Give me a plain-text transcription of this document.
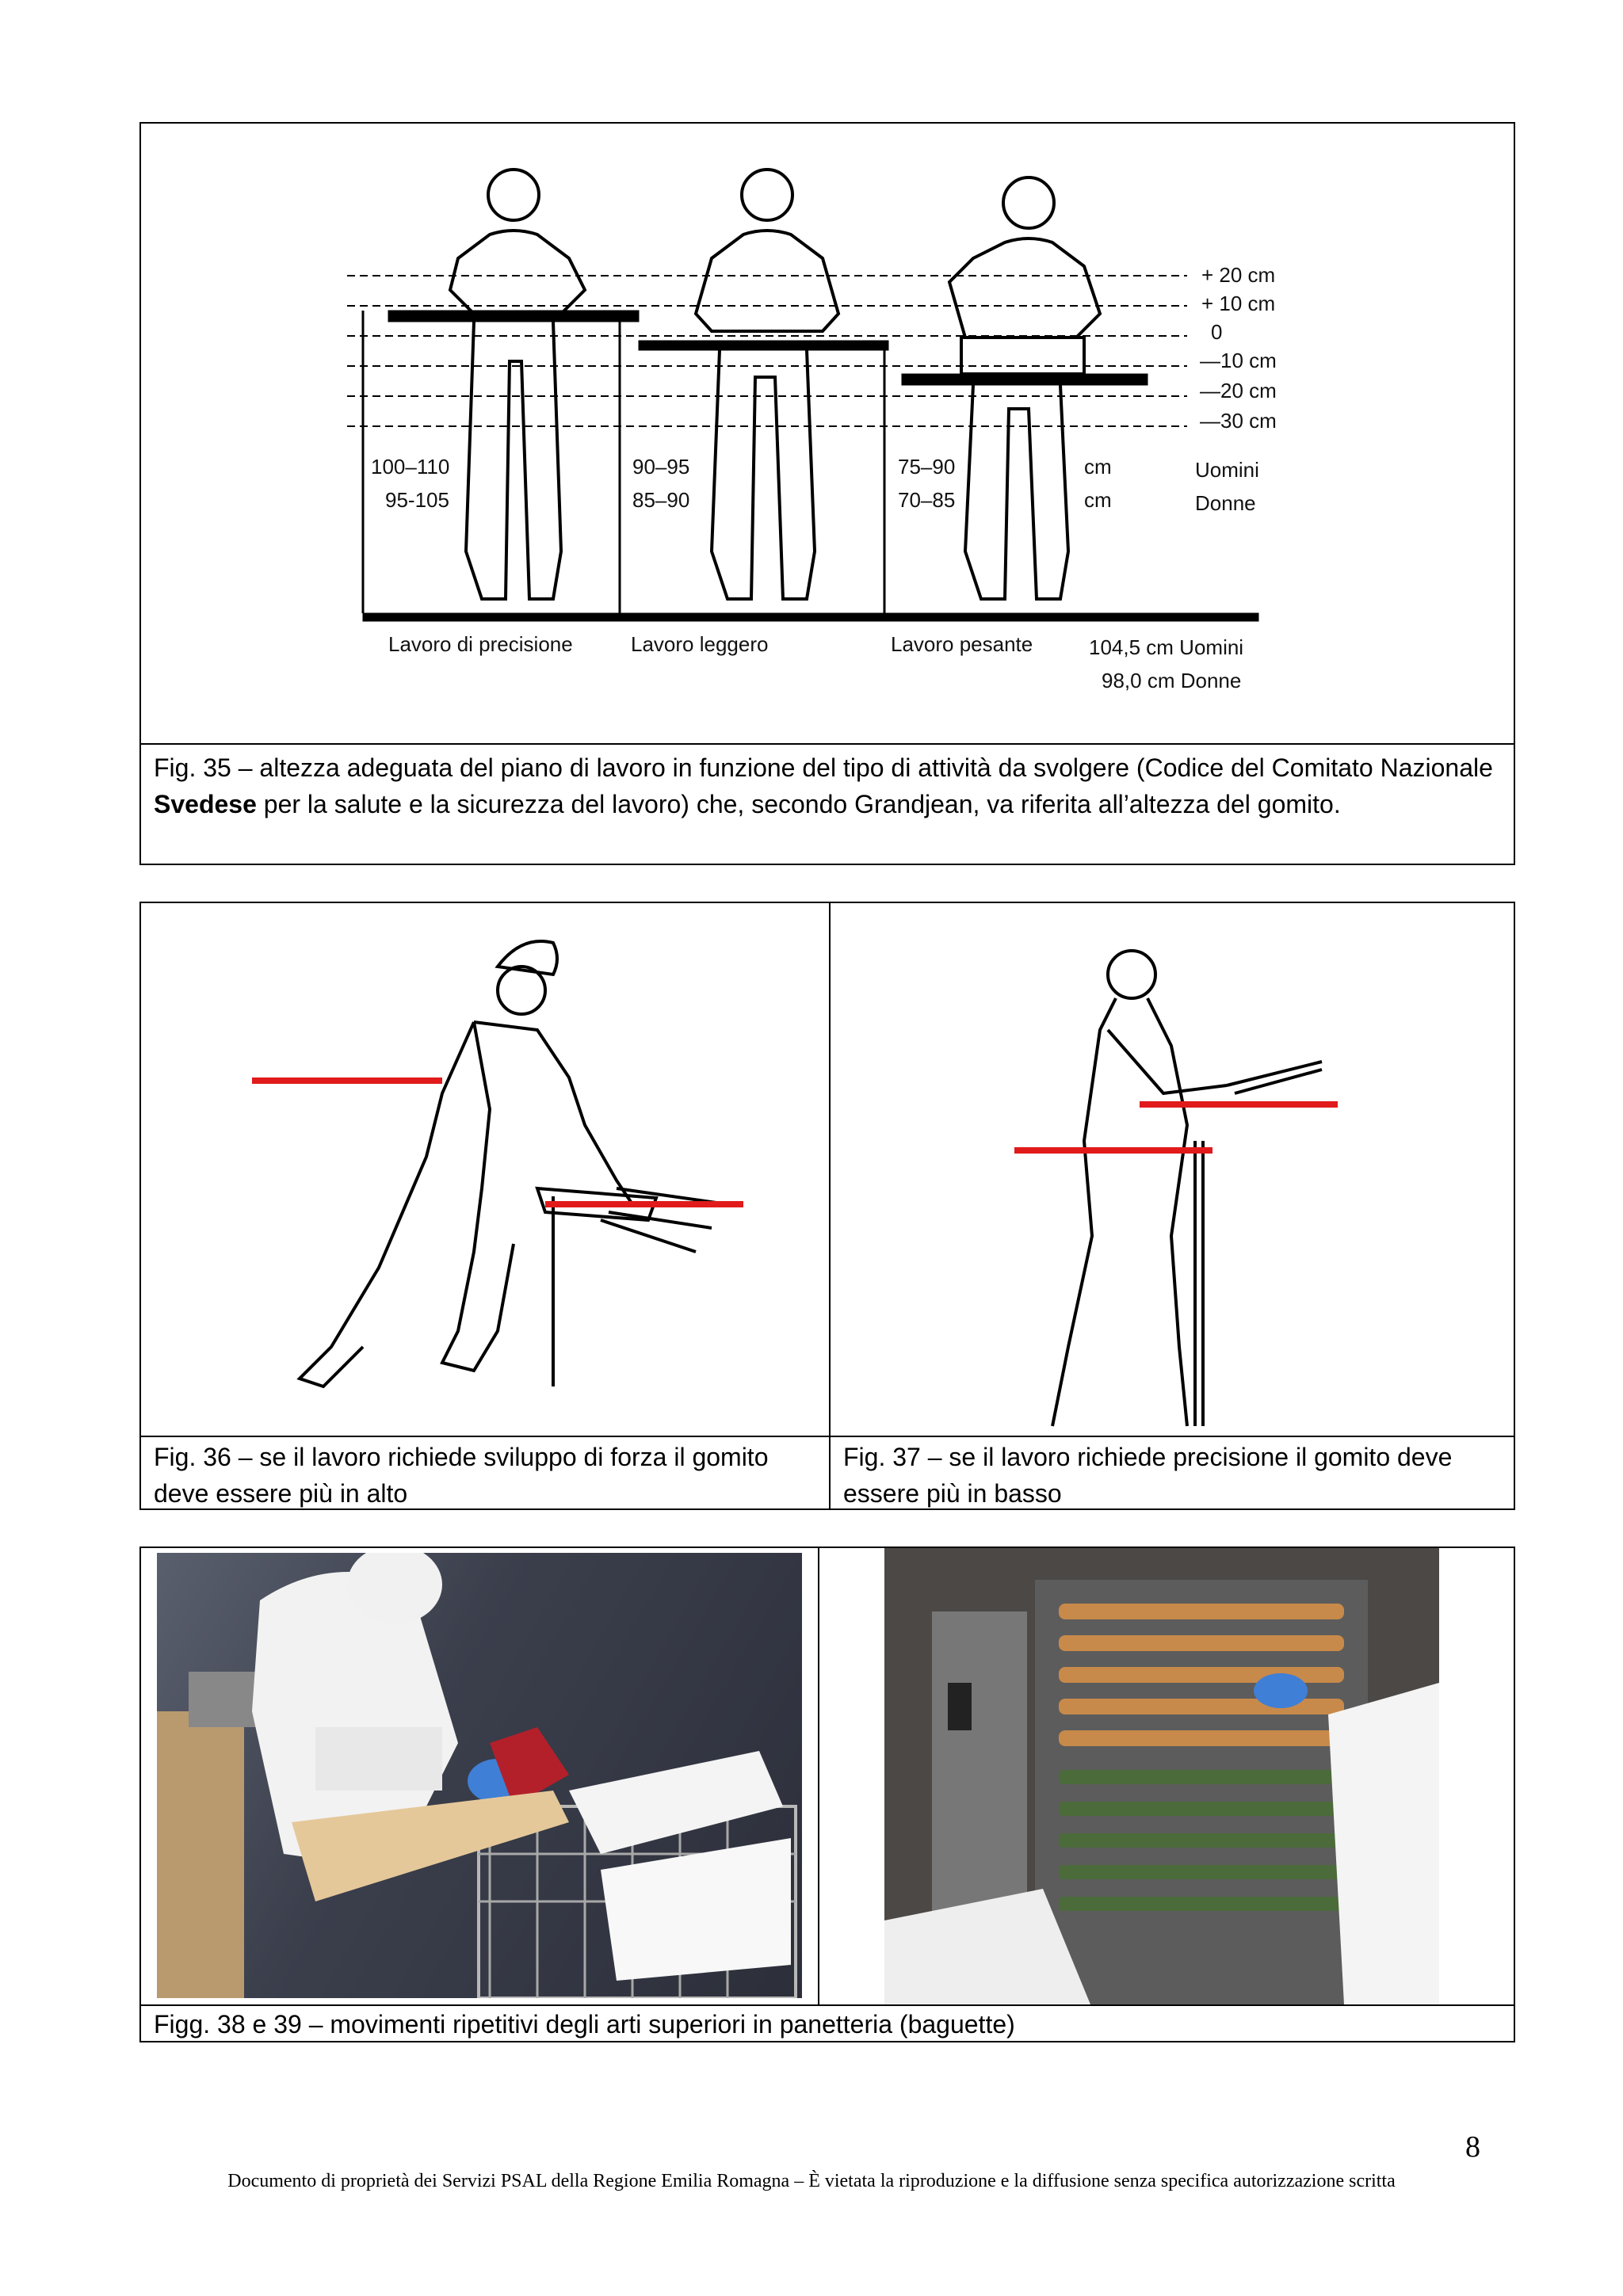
+ 20 cm
+ 10 cm
0
—10 cm
—20 cm
—30 cm
100–110
95-105
90–95
85–90
75–90
70–85
cm
cm
Uomini
Donne
Lavoro di precisione	Lavoro leggero	Lavoro pesante	104,5 cm Uomini
98,0 cm Donne
Fig. 35 – altezza adeguata del piano di lavoro in funzione del tipo di attività da svolgere (Codice del Comitato Nazionale Svedese per la salute e la sicurezza del lavoro) che, secondo Grandjean, va riferita all’altezza del gomito.
Fig. 36 – se il lavoro richiede sviluppo di forza il gomito deve essere più in alto
Fig. 37 – se il lavoro richiede precisione il gomito deve essere più in basso
Figg. 38 e 39 – movimenti ripetitivi degli arti superiori in panetteria (baguette)
8
Documento di proprietà dei Servizi PSAL della Regione Emilia Romagna – È vietata la riproduzione e la diffusione senza specifica autorizzazione scritta
